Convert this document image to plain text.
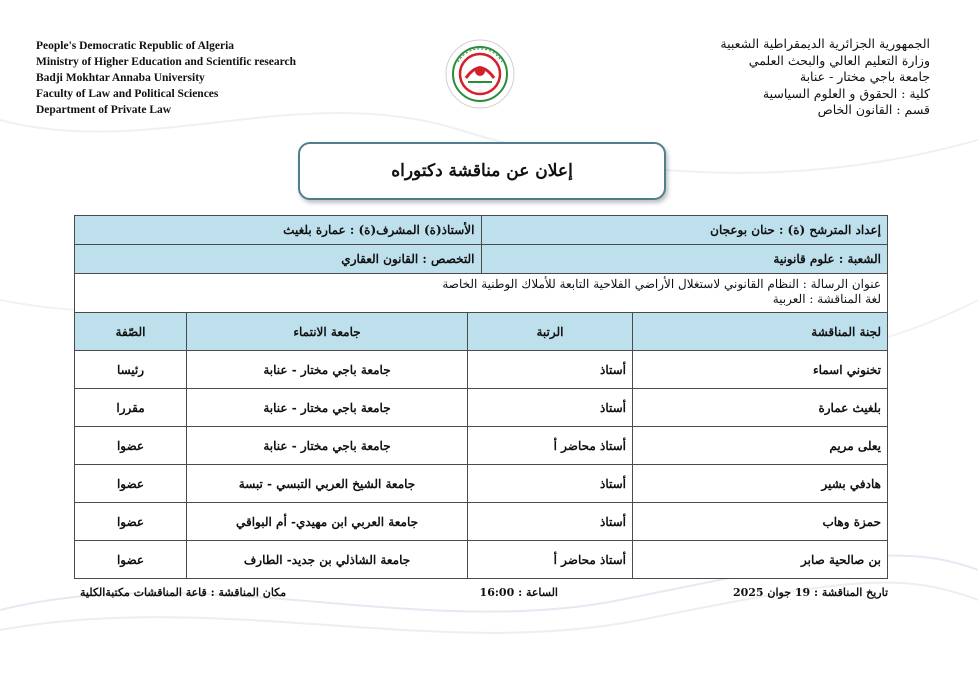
People's Democratic Republic of Algeria
Ministry of Higher Education and Scientific research
Badji Mokhtar Annaba University
Faculty of Law and Political Sciences
Department of Private Law
الجمهورية الجزائرية الديمقراطية الشعبية
وزارة التعليم العالي والبحث العلمي
جامعة باجي مختار - عنابة
كلية : الحقوق و العلوم السياسية
قسم : القانون الخاص
إعلان عن مناقشة دكتوراه
إعداد المترشح (ة) : حنان بوعجان
الأستاذ(ة) المشرف(ة) : عمارة بلغيث
الشعبة : علوم قانونية
التخصص : القانون العقاري
عنوان الرسالة : النظام القانوني لاستغلال الأراضي الفلاحية التابعة للأملاك الوطنية الخاصة
لغة المناقشة : العربية
لجنة المناقشة	الرتبة	جامعة الانتماء	الصّفة
تخنوني اسماء	أستاذ	جامعة باجي مختار - عنابة	رئيسا
بلغيث عمارة	أستاذ	جامعة باجي مختار - عنابة	مقررا
يعلى مريم	أستاذ محاضر أ	جامعة باجي مختار - عنابة	عضوا
هادفي بشير	أستاذ	جامعة الشيخ العربي التبسي - تبسة	عضوا
حمزة وهاب	أستاذ	جامعة العربي ابن مهيدي- أم البواقي	عضوا
بن صالحية صابر	أستاذ محاضر أ	جامعة الشاذلي بن جديد- الطارف	عضوا
تاريخ المناقشة : 19 جوان 2025
الساعة : 16:00
مكان المناقشة : قاعة المناقشات مكتبةالكلية
